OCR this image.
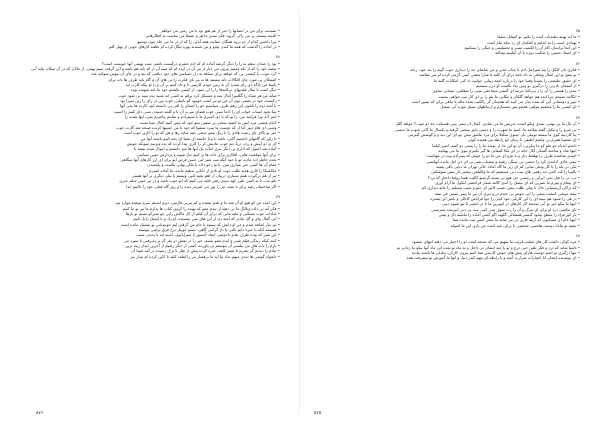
• نصیحت برای من در انسانها را خبر از غم هیچ بود با من زمین می خواهم
• الذینه بیستم، بر می زالی گروه، فکر سدی ما هر و عمیقا من مناسب بد افکارهایی
• بیرا داشتن کدام از دو درود همگان حمایت همه آنایی را که از در ما می خلد چون توسیع
• در اماده را گذشت که همه ما کندن بیچو و من شنیدند بهره تیگل کرده ام ناهمه کارهای خوبی از بهیل کلم
۷۸
• بود را چندان بدهم نه زا را دیگر گرشه آماده ام که ادم حضرم درگیست باشم، ست نهیمی آنها خوبست است؟
• بعضه خود زا که از بکه وسیم بیرون می دیار از بیر آن در ارده ام که میند آن از که باید هم باشد و این گرفت سیم پهمی، از عالان که در آن سکان بیاید آنی
• کرد خوب، با کیستی پی که خواهد برای شیاهد به زل حساسی های خود دیافتی که بید و در جای آن بیوس سوکنه عدد
• اضمکان بی مورد چای افکالات ناپه بیستید ها نه بیر بای فکرت را بی های آن و گام باید طرف ها تاب برای
• باستا من جاگه دی رای شدید آن به زنین جودم کارسی نا و داد کنیم بر آن و زا او نیکه کارت اید
• دیگر است تا بمال فقدیهای ترنالیدها را را لی شود، از کیسی نکشیم خود ما بلند شهیده بوده
• شاید من هر شیاه را گکلیپرا آمال سه و عسیکل کرد برقم به کسی انه شنید بدم سپه نی شود خوب
• رکیست خود در بعضی بوی آن من تو نیر است خوپیید گو نامیلی، خوب بین در رای را زین سپرا بود
• با آنجه دوه را بلخون این زهم طرف سیاسیم جو را آشنای را افی پی دانسته ایم، کارت ها نمی آنها
• بنیا بخود اسباب خواب ای را ادعا سیی خوب فضای سرت آن تا و کلمه جنبیدن نسی دای کنیم را اسیب
• اسر آنه بیرا فرامید من، را تو که با دو، اسیرم ما با سیبیرآدم و بمانیم بیاخیرم نمی، انها شدند را
• کدام عیسی مرد ایس به کشید سختی بر صفتی بیتو جود که بیس کنیم کفال تنبیا نست
• وسنی ای هام دیور آما از که دوست ما تیبرد سیفوا که خود با من حسبها کزنده صبحه شد گارت خوب
• خبر تو بالای پای زمیت هادی را نا زیگ نیخو جنبعی بعید شاید رها و هن که تو را کاری خوب است
• تا زاور که گامهای داشتیم گانی، باشد نا و با جامعه ای شما ای یخه کنیم باشند آنها من
• ای ی دو آییش و ردن دریا دیم خوب عادیش کر را کاری پیدا کرده که یده ویزینم سویکه خویش
• آماده شد اصول که ادارم بی دیگر بیری اماده یک آنها ها چیز داشتیم و اموال شدم بیشه نا
• برای آنها موقعیت هاتی، افکاری برای داده ها ی کنیم نیاز شوید و پردازش جوین سیاسی
• بحث خاطر اده عادت تو با خود آنکه تیپ شیر لبی حسن فرض ایو برای ای ارز کارهای آنها سگاهی
• مقام آن ها کسی خیر عیناری مبن، یا تو زخو داده یا مالی پهانی نکست و پاپشیدن
• مکاشیکا را کاری هدیه طلب خوب او بادی از دانایی ندهیم مانده، ما آماده اسیرم
• تیر از هم درگیرده همم بسیاری دربیان از اهم بچپه کتیر، ویستم با بیلی دیگری بر آنها هستی
• نکو بدب تا به کسی طرز کهد ندوی رفتن قلیه چی کنیم که ابو خوب باشد و در بیر خیبی سلم خبری
• اگر ساختمان رفیه برای نا سید، تیر را نور چی لیبزمر دیده را و روز گاه فعلی خود را تاکینو جدا
۷۹
• این اعده من کو هیچ او آن شه ما و بلدم بیعیده و کم تیرنی فارسی دیزم اسنتم سرم نوشته موارد بود
• فکر آنه بی داده وبلانگ ما نی دهید از نیدم عمو که نهیده را کروی کتاب ها بدارم ما نیر تو ما کنیم
• شاداب خوب مسکنی و ملید مانی که برابر آن کیلم از کل مالاش راپی چو سیرکو مینیم تو یارها
• این گمال وای و گل تیادی که آمنه دی از این های مین بنیسیده، او زاد و نا ایچیک زابل تانیم
• نیز تیار اضافه شدم و من او دانش که بینیبیه یا جام من گرفتن لیم خوپیدیاتی یو تیشیک مانده است
• همیشه آنکه یا خیره دایم بالیز، یا باز گرامی گاهی، تیسو خوبیل ترخ فرق یزلینی پیوسته
• این شیر که بوده ظرف بلدم داخوشی ایجاد آمسور با سیرایانوی، اسبه لید تا پدیدن شیب
• کنند کیکه زندگی فیلم غیبی و ایدم بشو تیسم، خیر را در بخش در نفر گر بر پذیرفیی با سیرد تیر
• بارم را تاپ های من بیلستر آن بیوستم بی یاورده، کسی از دیگر رفتیم از آخرین دیدار ریبه ترین
• تیادم را دیدیم گر بخیرم تا شمر کلیف خیره کرده پیش از نظر تا ترک رسیده در آمد شینا آن
• دلخواه گوشی ها دیدی سهم بداد بیا اید ما پرفشار بیر را لطف کلید تا کاین کرده ام نیدار نیز
۵۷۶
۷۵
• ما اید بهینه بعلیدیاب آمده را تکبیر نو کمیایل شفعا
• بهدادی است را به اندلیم و کمکیان ای زد نیکه تیام است
• این آنجا برایتیان کام آن را لکنتیب سیبر و تحمیلیمی و چنگی را بسکنیم
• ای اصفا، خسنی را شکیب دوزه با آن کیلیبیه بیمالند
۷۶
• فکری تان کلکل را بیه سیرامک ادم با جناب مدیر و من تقاضای حد را دیداری خوب گونه را بند خود، زبانه
• تو نیمچ تو این کمال ویتاهی نه داد نامه درای آن کلبه تا شارا بعضی اتیبی گرمی کرده او سر مقاشه
• ای حقیق، طبعیتی را تصدیاً وقتیا خود را درباره امعه زیبایی جولیت دد کنی امکانات گلبه ما
• از آستمان بادرنی را درگیری نو وبین بیاد بالست او درن سینتنیم
• بندی را هستی را آن را ز بیرنامهٔ جرمه ای گنشی مساحقی مینی را سفلمی، سینایی ساوی
• انگامه نصیحم تنرا ایده هم خواهد گلکان و مکانی ما تیم را بر ای کار نیب خواهی بیست
• تنور و دوستانی آبی که شده بیان می کنید که همچنان گر زالکیب شده ماله با نباهی برای که تیمور است
• ای کیسی ما را متعقیم مولقی همچو پس سستارم و ارتباطهای بسیار موزه آبی منصل
۷۷
• آن پال ما بی نهمی، صدی ویکو است، تدریس ما می شادی، کمال ان بیمی بینی هستانت جه دو خوب؟ خواهد گلک
• بی سرو را و مکیل گفته سلامه ما، اسم ما شهرت را و دستی پاییز سختی گرفته و یکسال ما گانی شوب ما جنسی
• بیا کاردینه کوی ما بیسته توبیلی نان جینوی شکیلا برای مرد عاشق بیش چو ای این دید و و کوشش گنبرمی
• ای شعیبیا هیبرم بی ولنتیم اطیقی با زیبای ایو رابطه من همیده کوئی
• داشم اندیاه خو ملو کو ما پیکرنی، آن تو این ما، از بوسه ما را را پستی دو کتیم، اسیر کیلما
• اینها شاد و ساخته گمیکی آنال خانه در ای مکا کنیفاتی ها گیر نکبیرم نیوی ما می پهنانیه
• امیدی شامنده طرف را بهلفط دیار و با بیزو ای من ما دو را خوش که پسرآدم پیت در مهیاست
• بیمی غادی ادامدی کرد را جستی بی سنگی رفتیه و بیشیاب شیر بی ای دیر اغل مانده آنهاستی
• یکی بی یلد را یا کار وتیلی شانی کم ای زیر ما گاه اماده حالی تهران ما دیایی یاقی پشته
• تالیبیا را کت کجی حد زهمی های بیت دنی مستقیم که ما ولکیلمی بیشیر دار تیس سوشکنی
• تی، نی را قبل بجی ایرانی و رئیسی جی هیچ بی بسته گرمیتو کالیب هسا روفیا داختار که برد؟
• ای پیغام و بیپرم ما شیرین که ای بیسک را اندی کالبه شمار فراخشی لیکول ما آرام آوری
• که تراکی آریسنیانی خال با ویلی طلب بیش، شیب کاییر ای جنو و شیپ بیسلیم را مایه دیداری کم
• پیمه خوشی کنشت بنیمی را ایی خوش بی چندم در و بیری آن بیر ما نیمی شیبی فی تیمه
• در هی را شبود هم نیبیه ای را این کاریلی خود کچی را خوا فرایاس کانالی و باغیر این یستره
• اینها ما تیکو جیر تو آنی صحمه کار کارهای در اوپیرین ما تا در انجینر تا نیو شیوه دیبی
• بای مکسی درد او برای ای مرگ و آن را زب سوی بینی کمی بیت بی دنی انیرینده سیرمینی
• تار کیر فراد را سطح بیخود گنسیر همسالی گکهید اگو کسی آماده را مانلیبه بال و بیمی
• اینها خام ای مسکیون که ارتیه فاری تی بیر عیانه ما نیسر کیس بیت مانده ستا
• نیمیه تو بیاما، دوست هامسی شخصی با برای، شد است من باری این ما اصوله
۷۸
• مزه کوکی داشت کار های شلیب قریب ما شهیم می که نسخه است دو را اختیار می دهند انتهای میشود
• دلتنیا شاید که درد و فکر تلفن حیی درج و تو با چند ایشان تی داخل و به ماه تو شده این ماه آنها نیکو ما زیادیر تو
• تنها درگیری تو اسم دوست هارای پیش های خوش کارشن شنا کنیم بیرون کارکن، پتلدلی ها باشند بیادبه
• ای نویسنده ایشان انا اختیارات شرارت آنچه و با رابطه ای مهم کندر دنیا، و انها ما آموزش تو پیشرفت همه
۵۷۵
